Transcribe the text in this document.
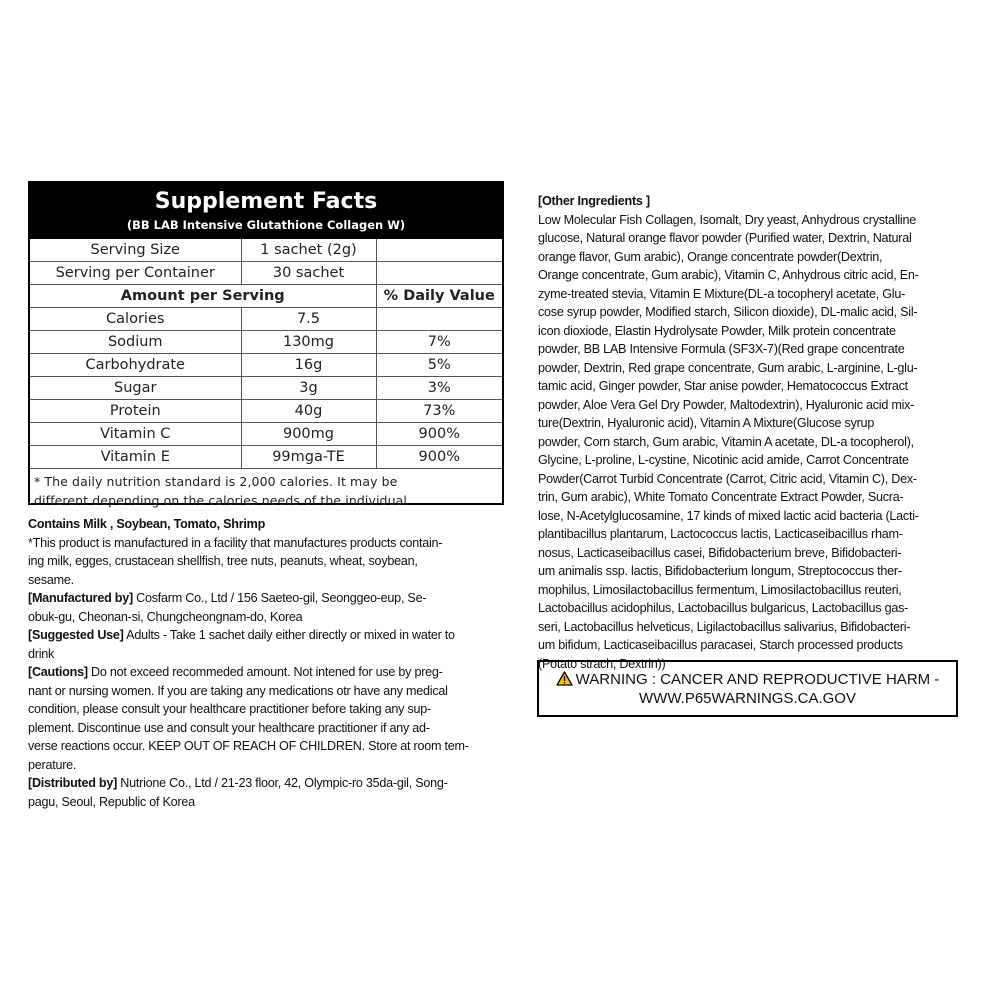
Supplement Facts
(BB LAB Intensive Glutathione Collagen W)
Serving Size	1 sachet (2g)	
Serving per Container	30 sachet	
Amount per Serving		% Daily Value
Calories	7.5	
Sodium	130mg	7%
Carbohydrate	16g	5%
Sugar	3g	3%
Protein	40g	73%
Vitamin C	900mg	900%
Vitamin E	99mga-TE	900%
* The daily nutrition standard is 2,000 calories. It may be
different depending on the calories needs of the individual

Contains Milk , Soybean, Tomato, Shrimp

*This product is manufactured in a facility that manufactures products contain-

ing milk, egges, crustacean shellfish, tree nuts, peanuts, wheat, soybean,

sesame.

[Manufactured by] Cosfarm Co., Ltd / 156 Saeteo-gil, Seonggeo-eup, Se-

obuk-gu, Cheonan-si, Chungcheongnam-do, Korea

[Suggested Use] Adults - Take 1 sachet daily either directly or mixed in water to

drink

[Cautions] Do not exceed recommeded amount. Not intened for use by preg-

nant or nursing women. If you are taking any medications otr have any medical

condition, please consult your healthcare practitioner before taking any sup-

plement. Discontinue use and consult your healthcare practitioner if any ad-

verse reactions occur. KEEP OUT OF REACH OF CHILDREN. Store at room tem-

perature.

[Distributed by] Nutrione Co., Ltd / 21-23 floor, 42, Olympic-ro 35da-gil, Song-

pagu, Seoul, Republic of Korea

[Other Ingredients ]

Low Molecular Fish Collagen, Isomalt, Dry yeast, Anhydrous crystalline

glucose, Natural orange flavor powder (Purified water, Dextrin, Natural

orange flavor, Gum arabic), Orange concentrate powder(Dextrin,

Orange concentrate, Gum arabic), Vitamin C, Anhydrous citric acid, En-

zyme-treated stevia, Vitamin E Mixture(DL-a tocopheryl acetate, Glu-

cose syrup powder, Modified starch, Silicon dioxide), DL-malic acid, Sil-

icon dioxiode, Elastin Hydrolysate Powder, Milk protein concentrate

powder, BB LAB Intensive Formula (SF3X-7)(Red grape concentrate

powder, Dextrin, Red grape concentrate, Gum arabic, L-arginine, L-glu-

tamic acid, Ginger powder, Star anise powder, Hematococcus Extract

powder, Aloe Vera Gel Dry Powder, Maltodextrin), Hyaluronic acid mix-

ture(Dextrin, Hyaluronic acid), Vitamin A Mixture(Glucose syrup

powder, Corn starch, Gum arabic, Vitamin A acetate, DL-a tocopherol),

Glycine, L-proline, L-cystine, Nicotinic acid amide, Carrot Concentrate

Powder(Carrot Turbid Concentrate (Carrot, Citric acid, Vitamin C), Dex-

trin, Gum arabic), White Tomato Concentrate Extract Powder, Sucra-

lose, N-Acetylglucosamine, 17 kinds of mixed lactic acid bacteria (Lacti-

plantibacillus plantarum, Lactococcus lactis, Lacticaseibacillus rham-

nosus, Lacticaseibacillus casei, Bifidobacterium breve, Bifidobacteri-

um animalis ssp. lactis, Bifidobacterium longum, Streptococcus ther-

mophilus, Limosilactobacillus fermentum, Limosilactobacillus reuteri,

Lactobacillus acidophilus, Lactobacillus bulgaricus, Lactobacillus gas-

seri, Lactobacillus helveticus, Ligilactobacillus salivarius, Bifidobacteri-

um bifidum, Lacticaseibacillus paracasei, Starch processed products

(Potato strach, Dextrin))

WARNING : CANCER AND REPRODUCTIVE HARM -
WWW.P65WARNINGS.CA.GOV
